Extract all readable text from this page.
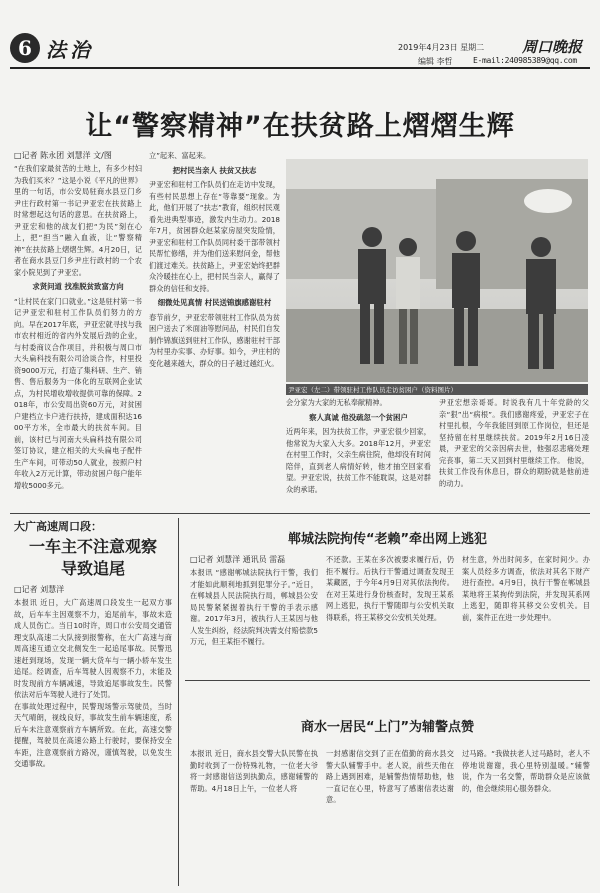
6 法治	2019年4月23日 星期二	周口晚报
编辑 李哲	E-mail:240985389@qq.com
让“警察精神”在扶贫路上熠熠生辉
□记者 陈永团 刘慧洋 文/图
“在我们家最贫苦的土地上，有多少村妇为我们买米？”这是小说《平凡的世界》里的一句话，市公安局驻商水县豆门乡尹庄行政村第一书记尹亚宏在扶贫路上时常想起这句话的意思。在扶贫路上，尹亚宏和他的战友们把“为民”刻在心上，把“担当”融入血液，让“警察精神”在扶贫路上熠熠生辉。4月20日，记者在商水县豆门乡尹庄行政村的一个农家小院见到了尹亚宏。

求贤问道 找准脱贫致富方向
“让村民在家门口就业。”这是驻村第一书记尹亚宏和驻村工作队员们努力的方向。早在2017年底，尹亚宏就寻找与我市农村相近的省内外发展后劲的企业，与村委商议合作项目，并积极与周口市大头扁科技有限公司洽谈合作，村里投资9000万元，打造了集科研、生产、销售、售后服务为一体化的互联网企业试点，为村民增收增收提供可靠的保障。2018年，市公安局出资60万元，对贫困户建档立卡户进行扶持，建成面积达1600平方米，全市最大的扶贫车间。目前，该村已与河南大头扁科技有限公司签订协议，建立相关的大头扁电子配件生产车间，可带动50人就业，按照户村年收入2万元计算，带动贫困户每户能年增收5000多元。
立”起来、富起来。

把村民当亲人 扶贫又扶志
尹亚宏和驻村工作队员们在走访中发现，有些村民思想上存在“等靠要”现象。为此，他们开展了“扶志”教育，组织村民观看先进典型事迹，激发内生动力。2018年7月，贫困群众赵某家房屋突发险情，尹亚宏和驻村工作队员同村委干部带领村民帮忙修缮，并为他们送来慰问金，帮他们渡过难关。扶贫路上，尹亚宏始终把群众冷暖挂在心上，把村民当亲人，赢得了群众的信任和支持。

细微处见真情 村民送锦旗感谢驻村
春节前夕，尹亚宏带领驻村工作队员为贫困户送去了米面油等慰问品，村民们自发制作锦旗送到驻村工作队，感谢驻村干部为村里办实事、办好事。如今，尹庄村的变化越来越大，群众的日子越过越红火。
尹亚宏（左二）带领驻村工作队员走访贫困户（资料图片）
会分家为大家的无私奉献精神。

察人真诚 他没疏忽一个贫困户
近两年来，因为扶贫工作，尹亚宏很少回家，他常说为大家入大多。2018年12月，尹亚宏在村里工作时，父亲生病住院，他却没有时间陪伴，直到老人病情好转，他才抽空回家看望。尹亚宏说，扶贫工作不能耽误，这是对群众的承诺。
尹亚宏想亲哥哥。时说我有几十年党龄的父亲“狠”出“病根”。我们感谢疼爱，尹亚宏子在村里扎根，今年我能回到原工作岗位，但还是坚持留在村里继续扶贫。2019年2月16日凌晨，尹亚宏的父亲因病去世，他强忍悲痛处理完丧事，第二天又回到村里继续工作。 他说，扶贫工作没有休息日，群众的期盼就是他前进的动力。
大广高速周口段：
一车主不注意观察
导致追尾
□记者 刘慧洋
本报讯 近日，大广高速周口段发生一起双方事故，后车车主因观察不力，追尾前车，事故未造成人员伤亡。当日10时许，周口市公安局交通管理支队高速二大队接到报警称，在大广高速与商周高速互通立交北侧发生一起追尾事故。民警迅速赶到现场，发现一辆大货车与一辆小轿车发生追尾。经调查，后车驾驶人因观察不力，未能及时发现前方车辆减速，导致追尾事故发生。民警依法对后车驾驶人进行了处罚。
在事故处理过程中，民警现场警示驾驶员，当时天气晴朗，视线良好，事故发生前车辆速度，系后车未注意观察前方车辆所致。在此，高速交警提醒，驾驶员在高速公路上行驶时，要保持安全车距，注意观察前方路况，谨慎驾驶，以免发生交通事故。
郸城法院拘传“老赖”牵出网上逃犯
□记者 刘慧洋 通讯员 雷磊
本报讯 “感谢郸城法院执行干警，我们才能如此顺利地抓到犯罪分子。”近日，在郸城县人民法院执行局，郸城县公安局民警紧紧握着执行干警的手表示感谢。2017年3月，被执行人王某因与他人发生纠纷，经法院判决需支付赔偿款5万元，但王某拒不履行。
不还款。王某在多次被要求履行后，仍拒不履行。后执行干警通过调查发现王某藏匿，于今年4月9日对其依法拘传。在对王某进行身份核查时，发现王某系网上逃犯，执行干警随即与公安机关取得联系，将王某移交公安机关处理。
材生意，外出时间多，在家时间少。办案人员经多方调查，依法对其名下财产进行查控。4月9日，执行干警在郸城县某地将王某拘传到法院，并发现其系网上逃犯，随即将其移交公安机关。目前，案件正在进一步处理中。
商水一居民“上门”为辅警点赞
本报讯 近日，商水县交警大队民警在执勤时收到了一份特殊礼物，一位老大爷将一封感谢信送到执勤点，感谢辅警的帮助。4月18日上午，一位老人将
一封感谢信交到了正在值勤的商水县交警大队辅警手中。老人说，前些天他在路上遇到困难，是辅警热情帮助他，他一直记在心里，特意写了感谢信表达谢意。
过马路。“我做扶老人过马路时，老人不停地说谢谢，我心里特别温暖。”辅警说，作为一名交警，帮助群众是应该做的，他会继续用心服务群众。
